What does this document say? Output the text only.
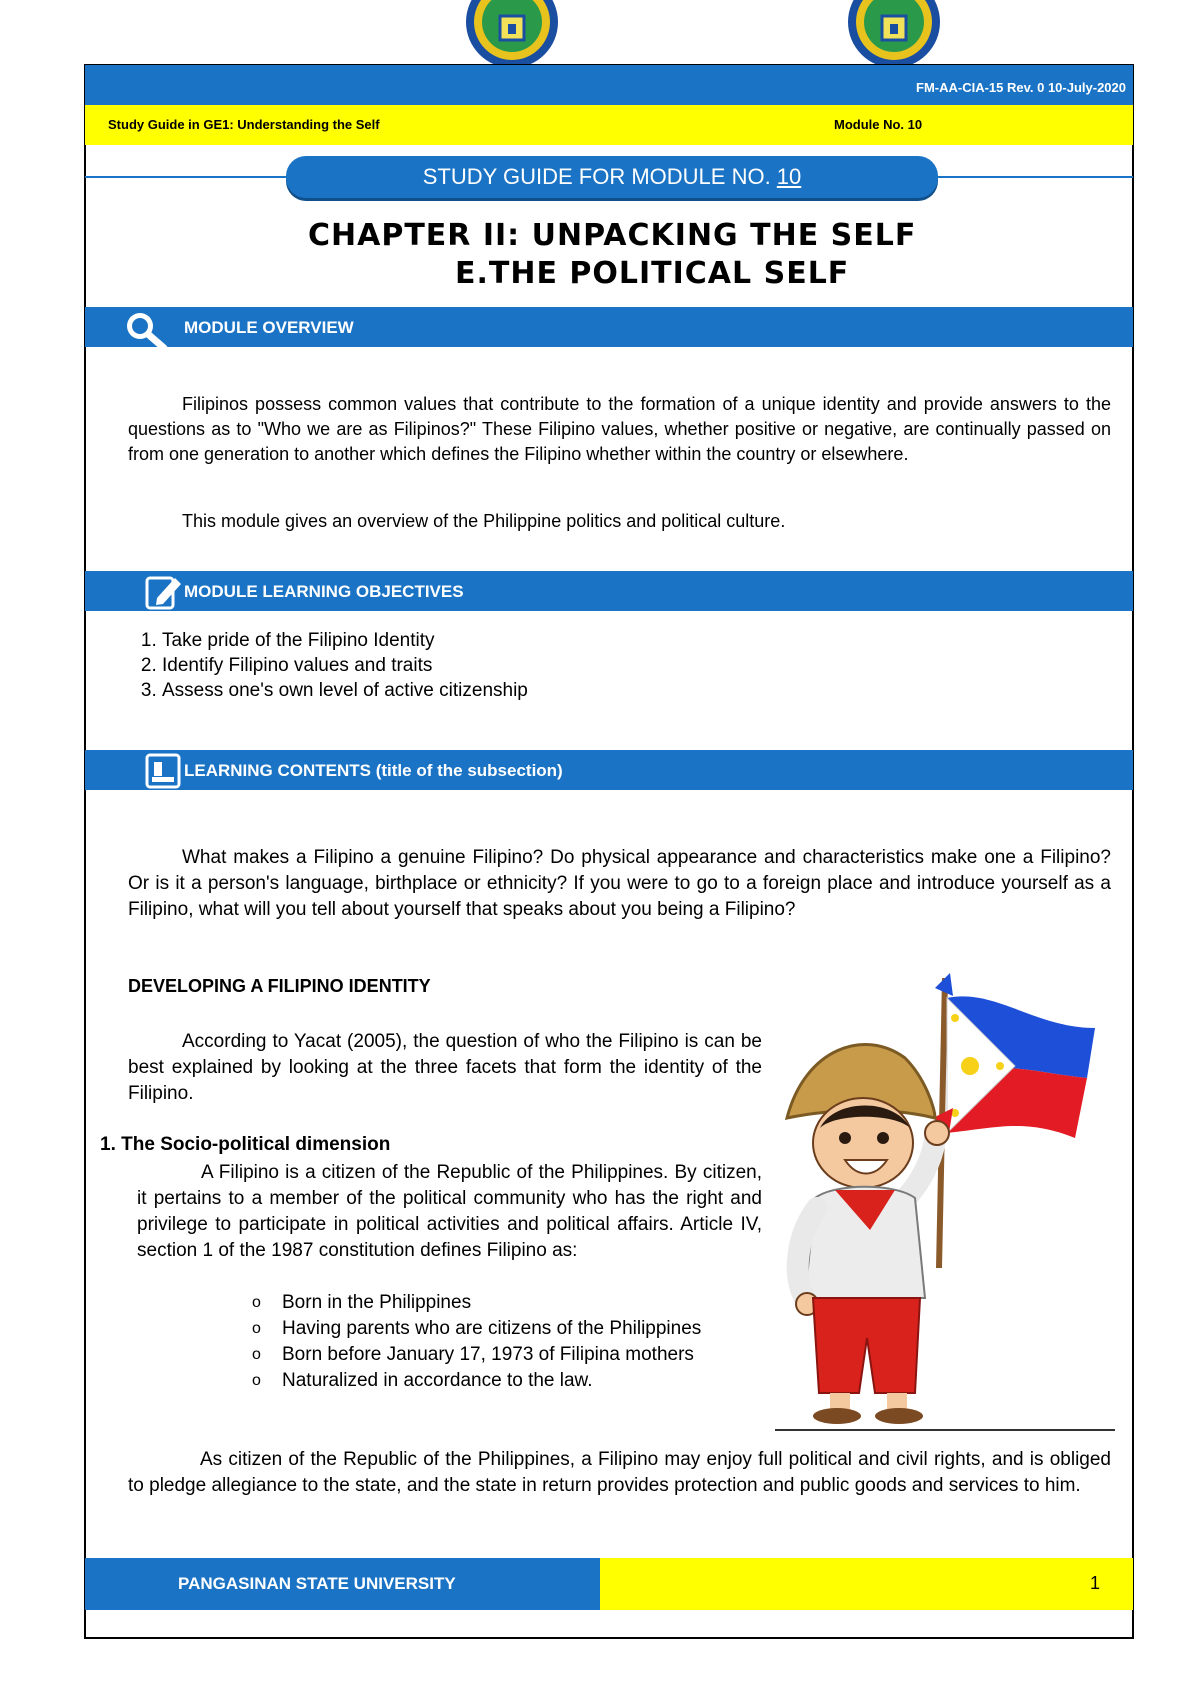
FM-AA-CIA-15 Rev. 0 10-July-2020
Study Guide in GE1: Understanding the Self	Module No. 10
STUDY GUIDE FOR MODULE NO. 10
CHAPTER II: UNPACKING THE SELF
E.THE POLITICAL SELF
MODULE OVERVIEW

Filipinos possess common values that contribute to the formation of a unique identity and provide answers to the questions as to "Who we are as Filipinos?" These Filipino values, whether positive or negative, are continually passed on from one generation to another which defines the Filipino whether within the country or elsewhere.

This module gives an overview of the Philippine politics and political culture.

MODULE LEARNING OBJECTIVES
1. Take pride of the Filipino Identity
2. Identify Filipino values and traits
3. Assess one's own level of active citizenship
LEARNING CONTENTS (title of the subsection)

What makes a Filipino a genuine Filipino? Do physical appearance and characteristics make one a Filipino? Or is it a person's language, birthplace or ethnicity? If you were to go to a foreign place and introduce yourself as a Filipino, what will you tell about yourself that speaks about you being a Filipino?

DEVELOPING A FILIPINO IDENTITY

According to Yacat (2005), the question of who the Filipino is can be best explained by looking at the three facets that form the identity of the Filipino.

1. The Socio-political dimension

A Filipino is a citizen of the Republic of the Philippines. By citizen, it pertains to a member of the political community who has the right and privilege to participate in political activities and political affairs. Article IV, section 1 of the 1987 constitution defines Filipino as:

o Born in the Philippines
o Having parents who are citizens of the Philippines
o Born before January 17, 1973 of Filipina mothers
o Naturalized in accordance to the law.

As citizen of the Republic of the Philippines, a Filipino may enjoy full political and civil rights, and is obliged to pledge allegiance to the state, and the state in return provides protection and public goods and services to him.

PANGASINAN STATE UNIVERSITY	1
